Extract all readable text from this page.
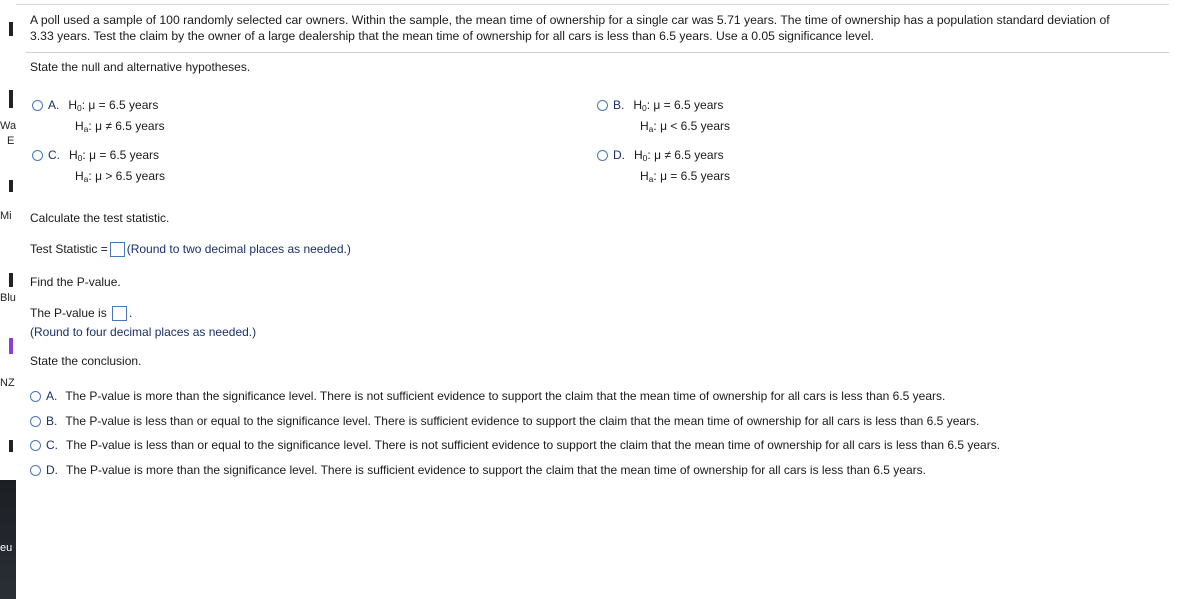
Wa
E
Mi
Blu
NZ
eu
A poll used a sample of 100 randomly selected car owners. Within the sample, the mean time of ownership for a single car was 5.71 years. The time of ownership has a population standard deviation of 3.33 years. Test the claim by the owner of a large dealership that the mean time of ownership for all cars is less than 6.5 years. Use a 0.05 significance level.
State the null and alternative hypotheses.
A. $H_0$: μ = 6.5 years
$H_a$: μ ≠ 6.5 years
B. $H_0$: μ = 6.5 years
$H_a$: μ < 6.5 years
C. $H_0$: μ = 6.5 years
$H_a$: μ > 6.5 years
D. $H_0$: μ ≠ 6.5 years
$H_a$: μ = 6.5 years
Calculate the test statistic.
Test Statistic = (Round to two decimal places as needed.)
Find the P-value.
The P-value is .
(Round to four decimal places as needed.)
State the conclusion.
A. The P-value is more than the significance level. There is not sufficient evidence to support the claim that the mean time of ownership for all cars is less than 6.5 years.
B. The P-value is less than or equal to the significance level. There is sufficient evidence to support the claim that the mean time of ownership for all cars is less than 6.5 years.
C. The P-value is less than or equal to the significance level. There is not sufficient evidence to support the claim that the mean time of ownership for all cars is less than 6.5 years.
D. The P-value is more than the significance level. There is sufficient evidence to support the claim that the mean time of ownership for all cars is less than 6.5 years.
